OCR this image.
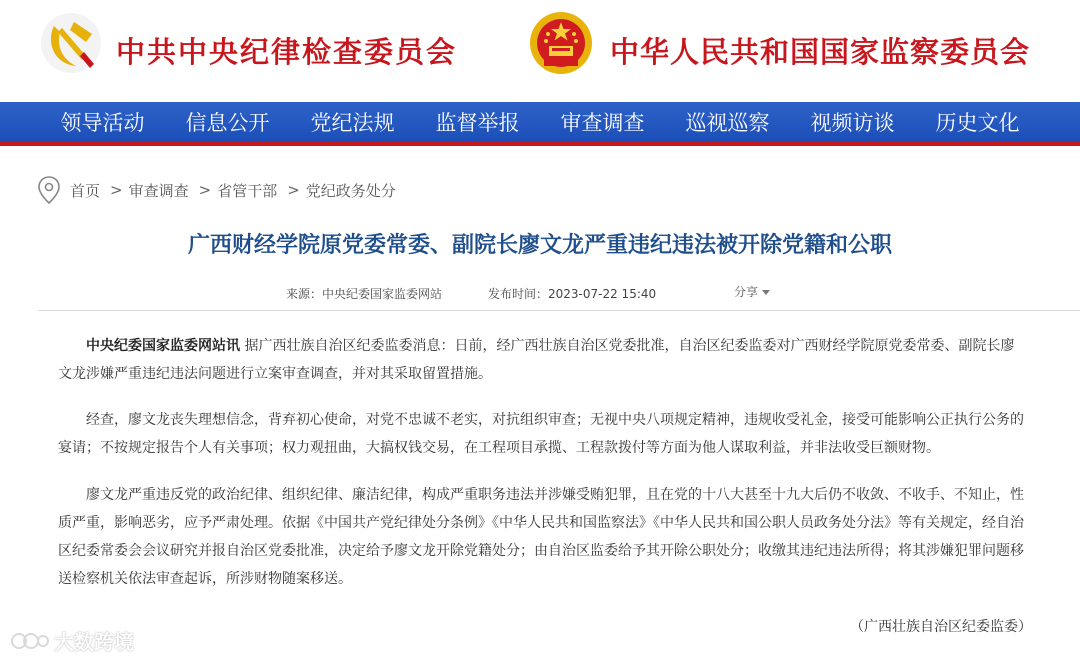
中共中央纪律检查委员会	中华人民共和国国家监察委员会
领导活动	信息公开	党纪法规	监督举报	审查调查	巡视巡察	视频访谈	历史文化
首页 > 审查调查 > 省管干部 > 党纪政务处分
广西财经学院原党委常委、副院长廖文龙严重违纪违法被开除党籍和公职
来源：中央纪委国家监委网站	发布时间：2023-07-22 15:40	分享

中央纪委国家监委网站讯 据广西壮族自治区纪委监委消息：日前，经广西壮族自治区党委批准，自治区纪委监委对广西财经学院原党委常委、副院长廖文龙涉嫌严重违纪违法问题进行立案审查调查，并对其采取留置措施。

经查，廖文龙丧失理想信念，背弃初心使命，对党不忠诚不老实，对抗组织审查；无视中央八项规定精神，违规收受礼金，接受可能影响公正执行公务的宴请；不按规定报告个人有关事项；权力观扭曲，大搞权钱交易，在工程项目承揽、工程款拨付等方面为他人谋取利益，并非法收受巨额财物。

廖文龙严重违反党的政治纪律、组织纪律、廉洁纪律，构成严重职务违法并涉嫌受贿犯罪，且在党的十八大甚至十九大后仍不收敛、不收手、不知止，性质严重，影响恶劣，应予严肃处理。依据《中国共产党纪律处分条例》《中华人民共和国监察法》《中华人民共和国公职人员政务处分法》等有关规定，经自治区纪委常委会会议研究并报自治区党委批准，决定给予廖文龙开除党籍处分；由自治区监委给予其开除公职处分；收缴其违纪违法所得；将其涉嫌犯罪问题移送检察机关依法审查起诉，所涉财物随案移送。

（广西壮族自治区纪委监委）
大数跨境
